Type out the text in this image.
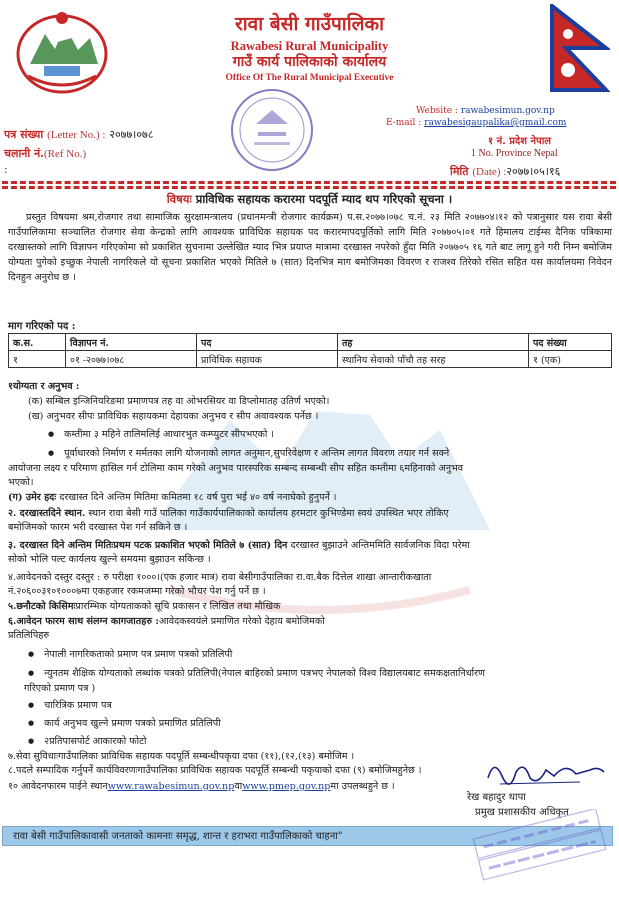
रावा बेसी गाउँपालिका
Rawabesi Rural Municipality
गाउँ कार्य पालिकाको कार्यालय
Office Of The Rural Municipal Executive
पत्र संख्या (Letter No.) : २०७७।०७८
चलानी नं.(Ref No.)
:
Website : rawabesimun.gov.np
E-mail : rawabesigaupalika@gmail.com
१ नं. प्रदेश नेपाल
1 No. Province Nepal
मिति (Date) :२०७७।०५।१६
विषयः प्राविधिक सहायक करारमा पदपूर्ति म्याद थप गरिएको सूचना ।
प्रस्तुत विषयमा श्रम,रोजगार तथा सामाजिक सुरक्षामन्त्रालय (प्रधानमन्त्री रोजगार कार्यक्रम) प.स.२०७७।०७८ च.नं. २३ मिति २०७७०४।१२ को पत्रानुसार यस रावा बेसी गाउँपालिकामा सञ्चालित रोजगार सेवा केन्द्रको लागि आवश्यक प्राविधिक सहायक पद करारमापदपूर्तिको लागि मिति २०७७०५।०१ गते हिमालय टाईम्स दैनिक पत्रिकामा दरखास्तको लागि विज्ञापन गरिएकोमा सो प्रकाशित सुचनामा उल्लेखित म्याद भित्र प्रयाप्त मात्रामा दरखास्त नपरेको हुँदा मिति २०७७०५ १६ गते बाट लागू हुने गरी निम्न बमोजिम योग्यता पुगेको इच्छुक नेपाली नागरिकले यो सूचना प्रकाशित भएको मितिले ७ (सात) दिनभित्र माग बमोजिमका विवरण र राजश्व तिरेको रसित सहित यस कार्यालयमा निवेदन दिनहुन अनुरोध छ ।
माग गरिएको पद :
क.स.	विज्ञापन नं.	पद	तह	पद संख्या
१	०१ -२०७७।०७८	प्राविधिक सहायक	स्थानिय सेवाको पाँचौ तह सरह	१ (एक)
१योग्यता र अनुभव :
(क) सम्बिल इन्जिनियरिङमा प्रमाणपत्र तह वा ओभरसियर वा डिप्लोमातह उतिर्ण भएको।
(ख) अनुभवर सीपः प्राविधिक सहायकमा देहायका अनुभव र सीप अवावश्यक पर्नेछ ।
● कम्तीमा ३ महिने तालिमलिई आधारभुत कम्प्युटर सीपभएको ।
● पूर्वाधारको निर्माण र मर्मतका लागि योजनाको लागत अनुमान,सुपरिवेक्षण र अन्तिम लागत विवरण तयार गर्न सक्ने
आयोजना लक्ष्य र परिमाण हासिल गर्न टोलिमा काम गरेको अनुभव पारस्परिक सम्बन्द सम्बन्धी सीप सहित कम्तीमा ६महिनाको अनुभव
भएको।
(ग) उमेर हदः दरखास्त दिने अन्तिम मितिमा कमितमा १८ वर्ष पुरा भई ४० वर्ष ननाघेको हुनुपर्ने ।
२. दरखास्तदिने स्थान. स्थान रावा बेसी गाउँ पालिका गाउँकार्यपालिकाको कार्यालय हरमटार कुभिण्डेमा स्वयं उपस्थित भएर तोकिए
बमोजिमको फारम भरी दरखास्त पेश गर्न सकिने छ ।
३. दरखास्त दिने अन्तिम मितिःप्रथम पटक प्रकाशित भएको मितिले ७ (सात) दिन दरखास्त बुझाउने अन्तिममिति सार्वजनिक विदा परेमा
सोको भोलि पल्ट कार्यलय खुल्ने समयमा बुझाउन सकिन्छ ।
४.आवेदनको दस्तुर दस्तुर : रु परीक्षा १०००।(एक हजार मात्र) रावा बेसीगाउँपालिका रा.वा.बैक दित्तेल शाखा आन्तारीकखाता
नं.२०६००३१०१०००७मा एकहजार रकमजम्मा गरेको भौचर पेश गर्नु पर्ने छ ।
५.छनौटको किसिमःप्रारम्भिक योग्यताकको सूचि प्रकासन र लिखित तथा मौखिक
६.आवेदन फारम साथ संलग्न कागजातहरु :आवेदकस्वयंले प्रमाणित गरेको देहाय बमोजिमको
प्रतिलिपिहरु
● नेपाली नागरिकताको प्रमाण पत्र प्रमाण पत्रको प्रतिलिपी
● न्युनतम शैक्षिक योग्यताको लब्धांक पत्रको प्रतिलिपी(नेपाल बाहिरको प्रमाण पत्रभए नेपालको विश्व विद्यालयबाट समकक्षतानिर्धारण
गरिएको प्रमाण पत्र )
● चारित्रिक प्रमाण पत्र
● कार्य अनुभव खुल्ने प्रमाण पत्रको प्रमाणित प्रतिलिपी
● २प्रतिपासपोर्ट आकारको फोटो
७.सेवा सुविधाःगाउँपालिका प्राविधिक सहायक पदपूर्ति सम्बन्धीपकृया दफा (११),(१२,(१३) बमोजिम ।
८.पदले सम्पादिक गर्नुपर्ने कार्यविवरणःगाउँपालिका प्राविधिक सहायक पदपूर्ति सम्बन्धी पकृयाको दफा (९) बमोजिमहुनेछ ।
१० आवेदनफारम पाईने स्थानwww.rawabesimun.gov.npवाwww.pmep.gov.npमा उपलब्धहुने छ ।
रेख बहादुर थापा
प्रमुख प्रशासकीय अधिकृत
रावा बेसी गाउँपालिकावासी जनताको कामनाः समृद्ध, शान्त र हराभरा गाउँपालिकाको चाहना"
